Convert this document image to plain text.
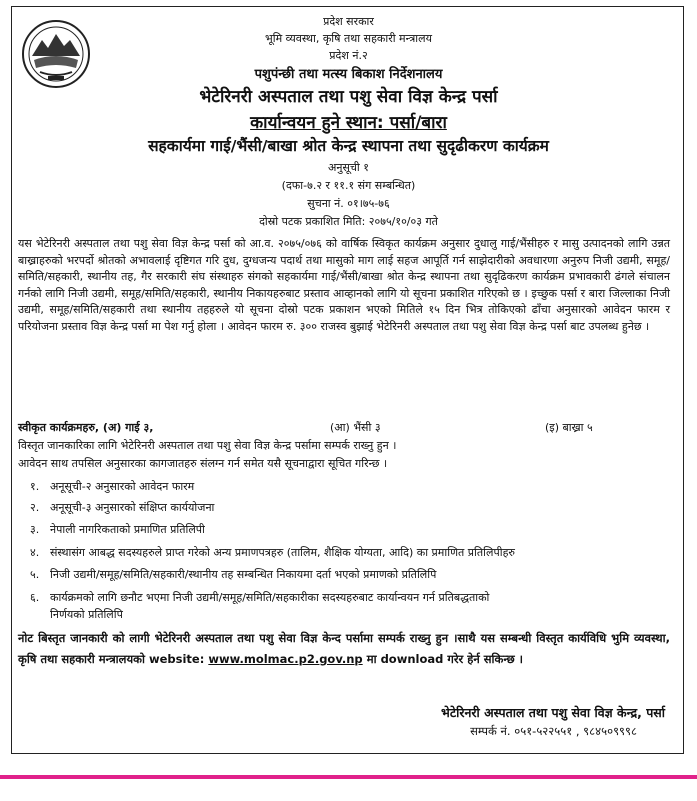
प्रदेश सरकार
भूमि व्यवस्था, कृषि तथा सहकारी मन्त्रालय
प्रदेश नं.२
पशुपंन्छी तथा मत्स्य बिकाश निर्देशनालय
भेटेरिनरी अस्पताल तथा पशु सेवा विज्ञ केन्द्र पर्सा
कार्यान्वयन हुने स्थान: पर्सा/बारा
सहकार्यमा गाई/भैंसी/बाखा श्रोत केन्द्र स्थापना तथा सुदृढीकरण कार्यक्रम
अनुसूची १
(दफा-७.२ र ११.१ संग सम्बन्धित)
सुचना नं. ०१।७५-७६
दोस्रो पटक प्रकाशित मिति: २०७५/१०/०३ गते
यस भेटेरिनरी अस्पताल तथा पशु सेवा विज्ञ केन्द्र पर्सा को आ.व. २०७५/०७६ को वार्षिक स्विकृत कार्यक्रम अनुसार दुधालु गाई/भैंसीहरु र मासु उत्पादनको लागि उन्नत बाख्राहरुको भरपर्दो श्रोतको अभावलाई दृष्टिगत गरि दुध, दुग्धजन्य पदार्थ तथा मासुको माग लाई सहज आपूर्ति गर्न साझेदारीको अवधारणा अनुरुप निजी उद्यमी, समूह/समिति/सहकारी, स्थानीय तह, गैर सरकारी संघ संस्थाहरु संगको सहकार्यमा गाई/भैंसी/बाखा श्रोत केन्द्र स्थापना तथा सुदृढिकरण कार्यक्रम प्रभावकारी ढंगले संचालन गर्नको लागि निजी उद्यमी, समूह/समिति/सहकारी, स्थानीय निकायहरुबाट प्रस्ताव आव्हानको लागि यो सूचना प्रकाशित गरिएको छ । इच्छुक पर्सा र बारा जिल्लाका निजी उद्यमी, समूह/समिति/सहकारी तथा स्थानीय तहहरुले यो सूचना दोस्रो पटक प्रकाशन भएको मितिले १५ दिन भित्र तोकिएको ढाँचा अनुसारको आवेदन फारम र परियोजना प्रस्ताव विज्ञ केन्द्र पर्सा मा पेश गर्नु होला । आवेदन फारम रु. ३०० राजस्व बुझाई भेटेरिनरी अस्पताल तथा पशु सेवा विज्ञ केन्द्र पर्सा बाट उपलब्ध हुनेछ ।
स्वीकृत कार्यक्रमहरु, (अ) गाई ३,	(आ) भैंसी ३	(इ) बाख्रा ५
विस्तृत जानकारिका लागि भेटेरिनरी अस्पताल तथा पशु सेवा विज्ञ केन्द्र पर्सामा सम्पर्क राख्नु हुन ।
आवेदन साथ तपसिल अनुसारका कागजातहरु संलग्न गर्न समेत यसै सूचनाद्वारा सूचित गरिन्छ ।
१. अनूसूची-२ अनुसारको आवेदन फारम
२. अनूसूची-३ अनुसारको संक्षिप्त कार्ययोजना
३. नेपाली नागरिकताको प्रमाणित प्रतिलिपी
४. संस्थासंग आबद्ध सदस्यहरुले प्राप्त गरेको अन्य प्रमाणपत्रहरु (तालिम, शैक्षिक योग्यता, आदि) का प्रमाणित प्रतिलिपीहरु
५. निजी उद्यमी/समूह/समिति/सहकारी/स्थानीय तह सम्बन्धित निकायमा दर्ता भएको प्रमाणको प्रतिलिपि
६. कार्यक्रमको लागि छनौट भएमा निजी उद्यमी/समूह/समिति/सहकारीका सदस्यहरुबाट कार्यान्वयन गर्न प्रतिबद्धताको
निर्णयको प्रतिलिपि
नोट बिस्तृत जानकारी को लागी भेटेरिनरी अस्पताल तथा पशु सेवा विज्ञ केन्द पर्सामा सम्पर्क राख्नु हुन ।साथै यस सम्बन्धी विस्तृत कार्यविधि भुमि व्यवस्था, कृषि तथा सहकारी मन्त्रालयको website: www.molmac.p2.gov.np मा download गरेर हेर्न सकिन्छ ।
भेटेरिनरी अस्पताल तथा पशु सेवा विज्ञ केन्द्र, पर्सा
सम्पर्क नं. ०५१-५२२५५१ , ९८४५०९९९८
